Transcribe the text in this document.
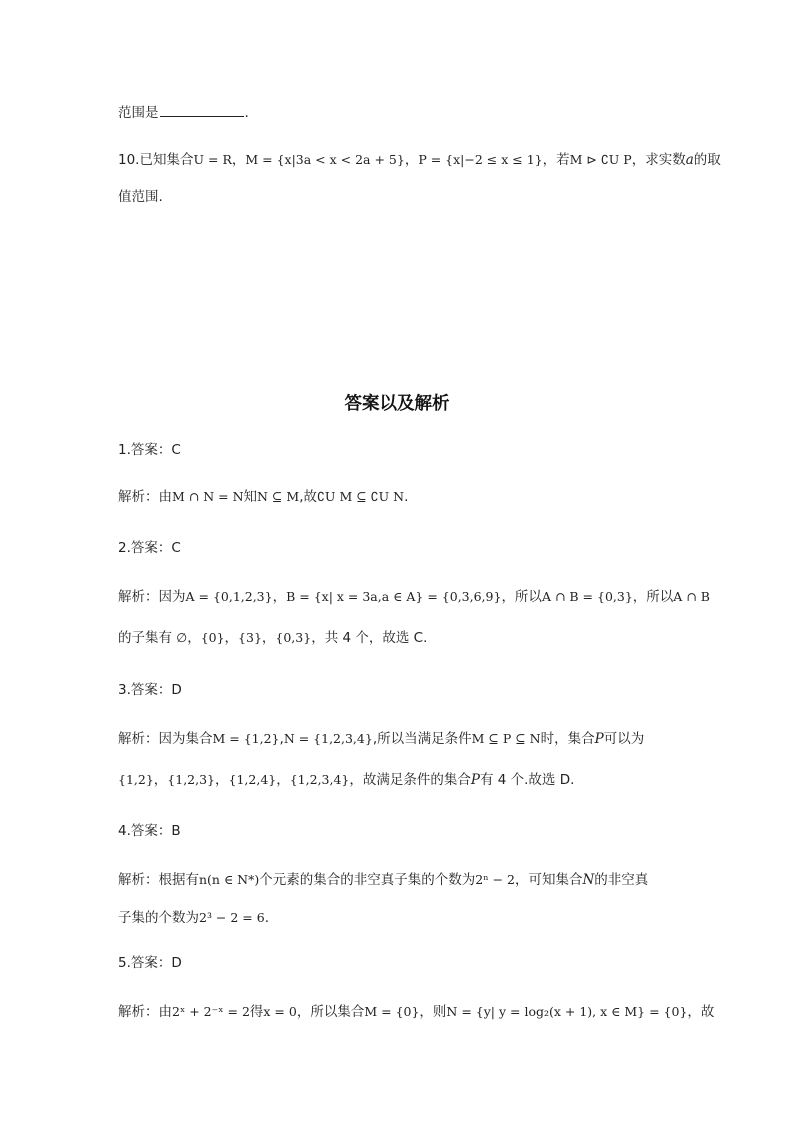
范围是	.
10.已知集合U = R，M = {x|3a < x < 2a + 5}，P = {x|−2 ≤ x ≤ 1}，若M ⊳ ∁U P，求实数a的取
值范围.
答案以及解析
1.答案：C
解析：由M ∩ N = N知N ⊆ M,故∁U M ⊆ ∁U N.
2.答案：C
解析：因为A = {0,1,2,3}，B = {x| x = 3a,a ∈ A} = {0,3,6,9}，所以A ∩ B = {0,3}，所以A ∩ B
的子集有 ∅，{0}，{3}，{0,3}，共 4 个，故选 C.
3.答案：D
解析：因为集合M = {1,2},N = {1,2,3,4},所以当满足条件M ⊆ P ⊆ N时，集合P可以为
{1,2}，{1,2,3}，{1,2,4}，{1,2,3,4}，故满足条件的集合P有 4 个.故选 D.
4.答案：B
解析：根据有n(n ∈ N*)个元素的集合的非空真子集的个数为2ⁿ − 2，可知集合N的非空真
子集的个数为2³ − 2 = 6.
5.答案：D
解析：由2ˣ + 2⁻ˣ = 2得x = 0，所以集合M = {0}，则N = {y| y = log₂(x + 1), x ∈ M} = {0}，故
